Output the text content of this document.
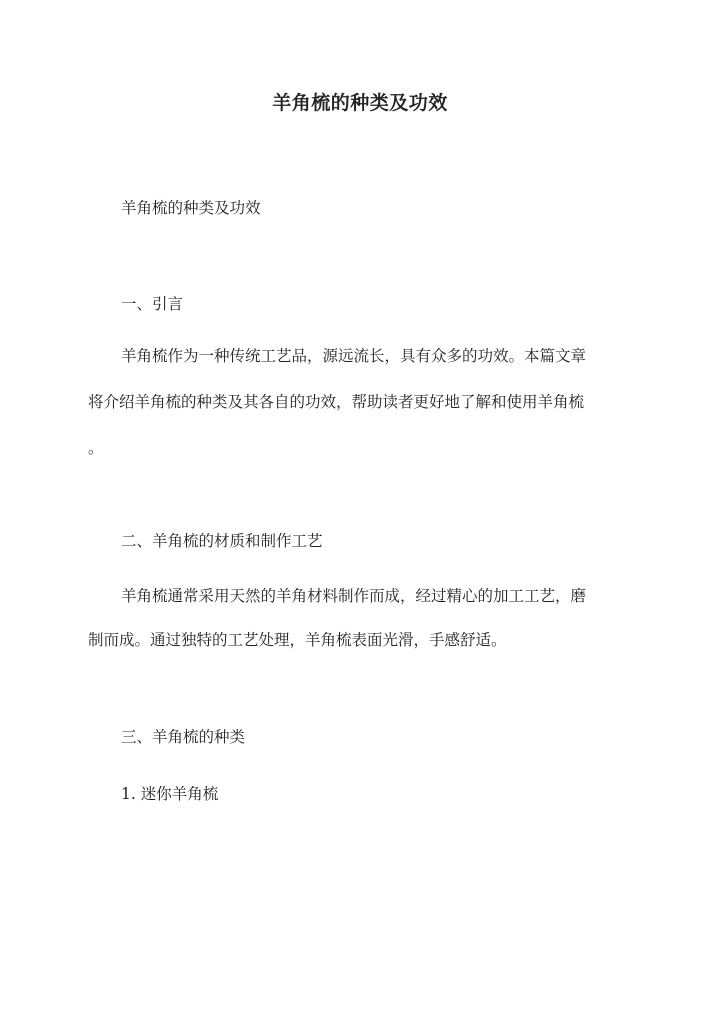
羊角梳的种类及功效
羊角梳的种类及功效
一、引言
羊角梳作为一种传统工艺品，源远流长，具有众多的功效。本篇文章
将介绍羊角梳的种类及其各自的功效，帮助读者更好地了解和使用羊角梳
。
二、羊角梳的材质和制作工艺
羊角梳通常采用天然的羊角材料制作而成，经过精心的加工工艺，磨
制而成。通过独特的工艺处理，羊角梳表面光滑，手感舒适。
三、羊角梳的种类
1. 迷你羊角梳
